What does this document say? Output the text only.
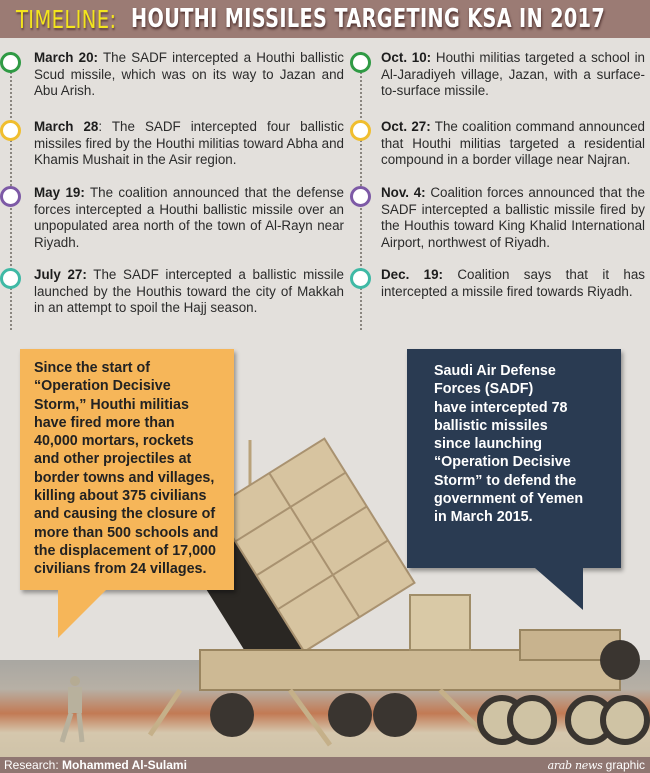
TIMELINE: HOUTHI MISSILES TARGETING KSA IN 2017

March 20: The SADF intercepted a Houthi ballistic Scud missile, which was on its way to Jazan and Abu Arish.

March 28: The SADF intercepted four ballistic missiles fired by the Houthi militias toward Abha and Khamis Mushait in the Asir region.

May 19: The coalition announced that the defense forces intercepted a Houthi ballistic missile over an unpopulated area north of the town of Al-Rayn near Riyadh.

July 27: The SADF intercepted a ballistic missile launched by the Houthis toward the city of Makkah in an attempt to spoil the Hajj season.

Oct. 10: Houthi militias targeted a school in Al-Jaradiyeh village, Jazan, with a surface-to-surface missile.

Oct. 27: The coalition command announced that Houthi militias targeted a residential compound in a border village near Najran.

Nov. 4: Coalition forces announced that the SADF intercepted a ballistic missile fired by the Houthis toward King Khalid International Airport, northwest of Riyadh.

Dec. 19: Coalition says that it has intercepted a missile fired towards Riyadh.

Since the start of
“Operation Decisive
Storm,” Houthi militias
have fired more than
40,000 mortars, rockets
and other projectiles at
border towns and villages,
killing about 375 civilians
and causing the closure of
more than 500 schools and
the displacement of 17,000
civilians from 24 villages.
Saudi Air Defense
Forces (SADF)
have intercepted 78
ballistic missiles
since launching
“Operation Decisive
Storm” to defend the
government of Yemen
in March 2015.
Research: Mohammed Al-Sulami	arab news graphic
